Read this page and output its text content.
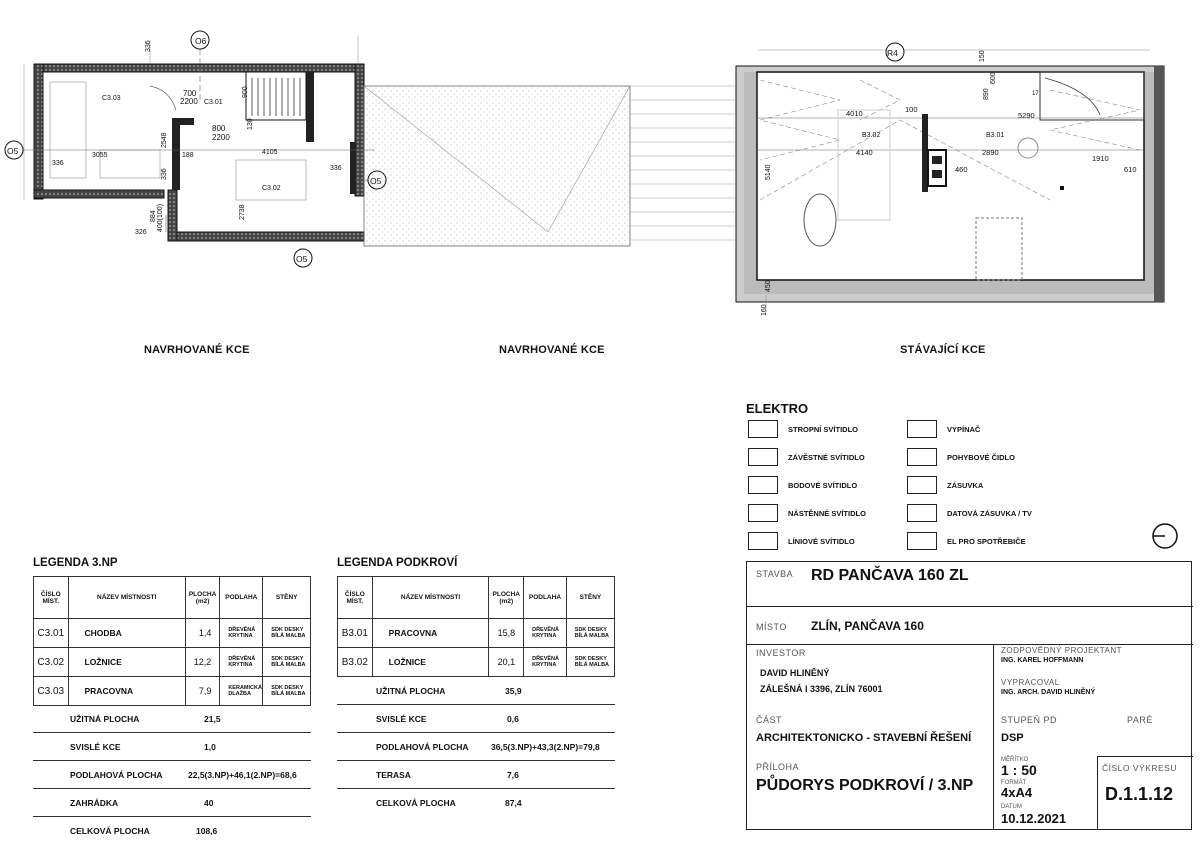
O6
O5
O5
C3.03
C3.01
C3.02
700
2200
2200
800
336
3055	188	4105
336
326
336
900
2548
130
336
2738
884 400(100)
R4
17
4010	100
5290
B3.02	B3.01
4140	2890
1910
460	610
150
890
600
5140
450
160
NAVRHOVANÉ KCE	NAVRHOVANÉ KCE	STÁVAJÍCÍ KCE
ELEKTRO
STROPNÍ SVÍTIDLO
ZÁVĚSTNÉ SVÍTIDLO
BODOVÉ SVÍTIDLO
NÁSTĚNNÉ SVÍTIDLO
LÍNIOVÉ SVÍTIDLO
VYPÍNAČ
POHYBOVÉ ČIDLO
ZÁSUVKA
DATOVÁ ZÁSUVKA / TV
EL PRO SPOTŘEBIČE
LEGENDA 3.NP
ČÍSLO MÍST.	NÁZEV MÍSTNOSTI	PLOCHA (m2)	PODLAHA	STĚNY
C3.01	CHODBA	1,4	DŘEVĚNÁ KRYTINA	SDK DESKY BÍLÁ MALBA
C3.02	LOŽNICE	12,2	DŘEVĚNÁ KRYTINA	SDK DESKY BÍLÁ MALBA
C3.03	PRACOVNA	7,9	KERAMICKÁ DLAŽBA	SDK DESKY BÍLÁ MALBA
UŽITNÁ PLOCHA	21,5
SVISLÉ KCE	1,0
PODLAHOVÁ PLOCHA	22,5(3.NP)+46,1(2.NP)=68,6
ZAHRÁDKA	40
CELKOVÁ PLOCHA	108,6
LEGENDA PODKROVÍ
ČÍSLO MÍST.	NÁZEV MÍSTNOSTI	PLOCHA (m2)	PODLAHA	STĚNY
B3.01	PRACOVNA	15,8	DŘEVĚNÁ KRYTINA	SDK DESKY BÍLÁ MALBA
B3.02	LOŽNICE	20,1	DŘEVĚNÁ KRYTINA	SDK DESKY BÍLÁ MALBA
UŽITNÁ PLOCHA	35,9
SVISLÉ KCE	0,6
PODLAHOVÁ PLOCHA	36,5(3.NP)+43,3(2.NP)=79,8
TERASA	7,6
CELKOVÁ PLOCHA	87,4
STAVBA RD PANČAVA 160 ZL
MÍSTO ZLÍN, PANČAVA 160
INVESTOR
DAVID HLINĚNÝ
ZÁLEŠNÁ I 3396, ZLÍN 76001
ZODPOVĚDNÝ PROJEKTANT
ING. KAREL HOFFMANN
VYPRACOVAL
ING. ARCH. DAVID HLINĚNÝ
ČÁST
ARCHITEKTONICKO - STAVEBNÍ ŘEŠENÍ
STUPEŇ PD
DSP
PARÉ
PŘÍLOHA
PŮDORYS PODKROVÍ / 3.NP
MĚŘÍTKO
1 : 50
FORMÁT
4xA4
DATUM
10.12.2021
ČÍSLO VÝKRESU
D.1.1.12
